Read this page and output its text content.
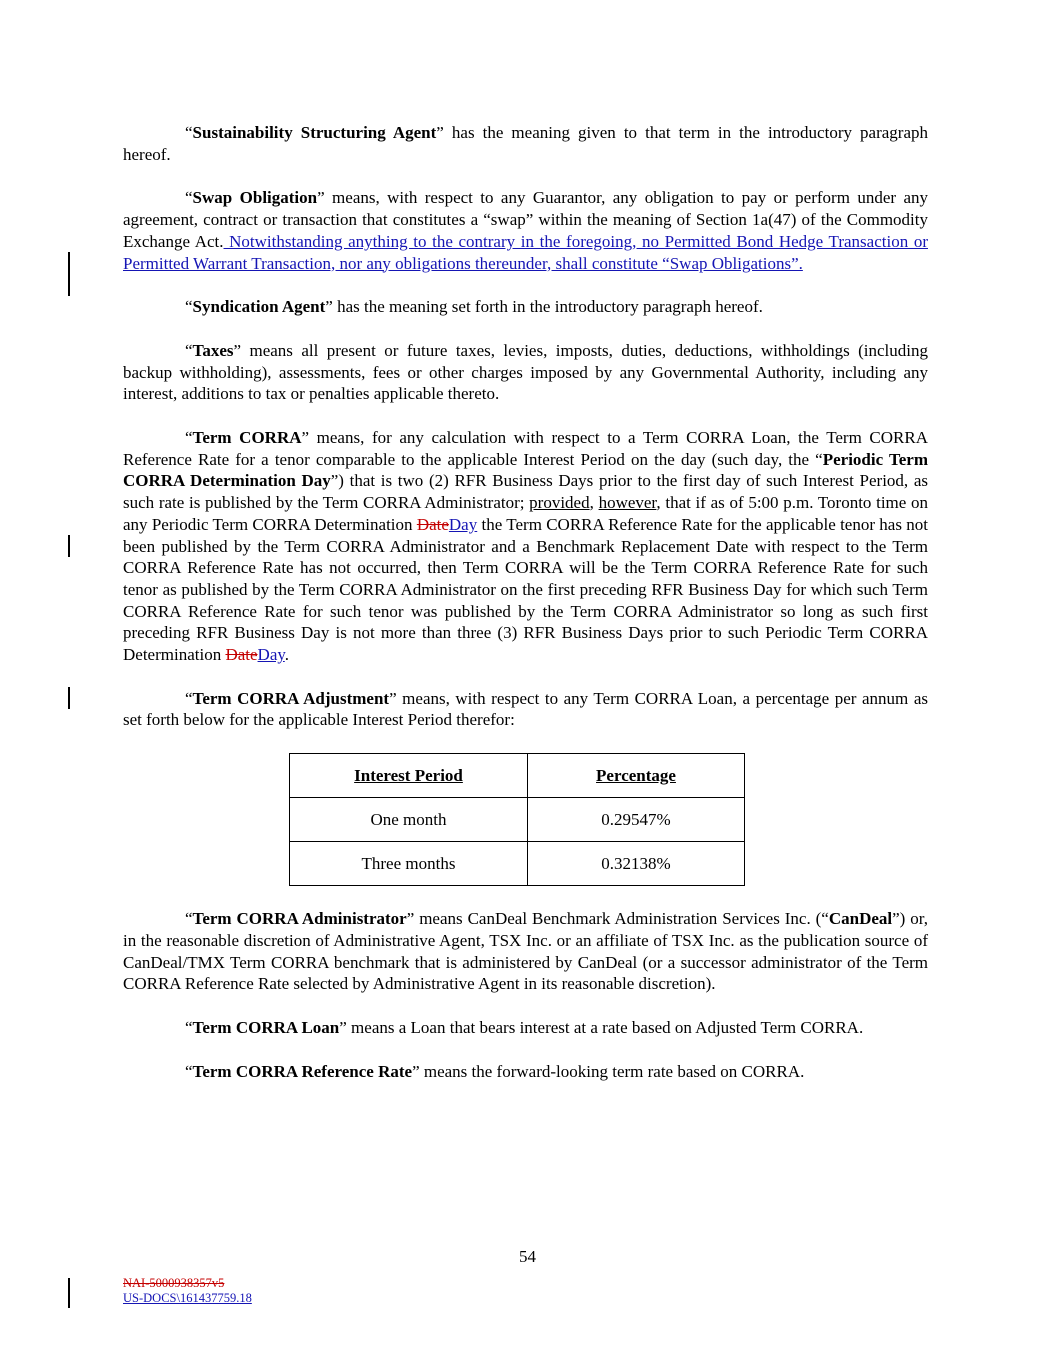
“Sustainability Structuring Agent” has the meaning given to that term in the introductory paragraph hereof.

“Swap Obligation” means, with respect to any Guarantor, any obligation to pay or perform under any agreement, contract or transaction that constitutes a “swap” within the meaning of Section 1a(47) of the Commodity Exchange Act. Notwithstanding anything to the contrary in the foregoing, no Permitted Bond Hedge Transaction or Permitted Warrant Transaction, nor any obligations thereunder, shall constitute “Swap Obligations”.

“Syndication Agent” has the meaning set forth in the introductory paragraph hereof.

“Taxes” means all present or future taxes, levies, imposts, duties, deductions, withholdings (including backup withholding), assessments, fees or other charges imposed by any Governmental Authority, including any interest, additions to tax or penalties applicable thereto.

“Term CORRA” means, for any calculation with respect to a Term CORRA Loan, the Term CORRA Reference Rate for a tenor comparable to the applicable Interest Period on the day (such day, the “Periodic Term CORRA Determination Day”) that is two (2) RFR Business Days prior to the first day of such Interest Period, as such rate is published by the Term CORRA Administrator; provided, however, that if as of 5:00 p.m. Toronto time on any Periodic Term CORRA Determination DateDay the Term CORRA Reference Rate for the applicable tenor has not been published by the Term CORRA Administrator and a Benchmark Replacement Date with respect to the Term CORRA Reference Rate has not occurred, then Term CORRA will be the Term CORRA Reference Rate for such tenor as published by the Term CORRA Administrator on the first preceding RFR Business Day for which such Term CORRA Reference Rate for such tenor was published by the Term CORRA Administrator so long as such first preceding RFR Business Day is not more than three (3) RFR Business Days prior to such Periodic Term CORRA Determination DateDay.

“Term CORRA Adjustment” means, with respect to any Term CORRA Loan, a percentage per annum as set forth below for the applicable Interest Period therefor:

Interest Period	Percentage
One month	0.29547%
Three months	0.32138%

“Term CORRA Administrator” means CanDeal Benchmark Administration Services Inc. (“CanDeal”) or, in the reasonable discretion of Administrative Agent, TSX Inc. or an affiliate of TSX Inc. as the publication source of CanDeal/TMX Term CORRA benchmark that is administered by CanDeal (or a successor administrator of the Term CORRA Reference Rate selected by Administrative Agent in its reasonable discretion).

“Term CORRA Loan” means a Loan that bears interest at a rate based on Adjusted Term CORRA.

“Term CORRA Reference Rate” means the forward-looking term rate based on CORRA.

54
NAI-5000938357v5
US-DOCS\161437759.18
